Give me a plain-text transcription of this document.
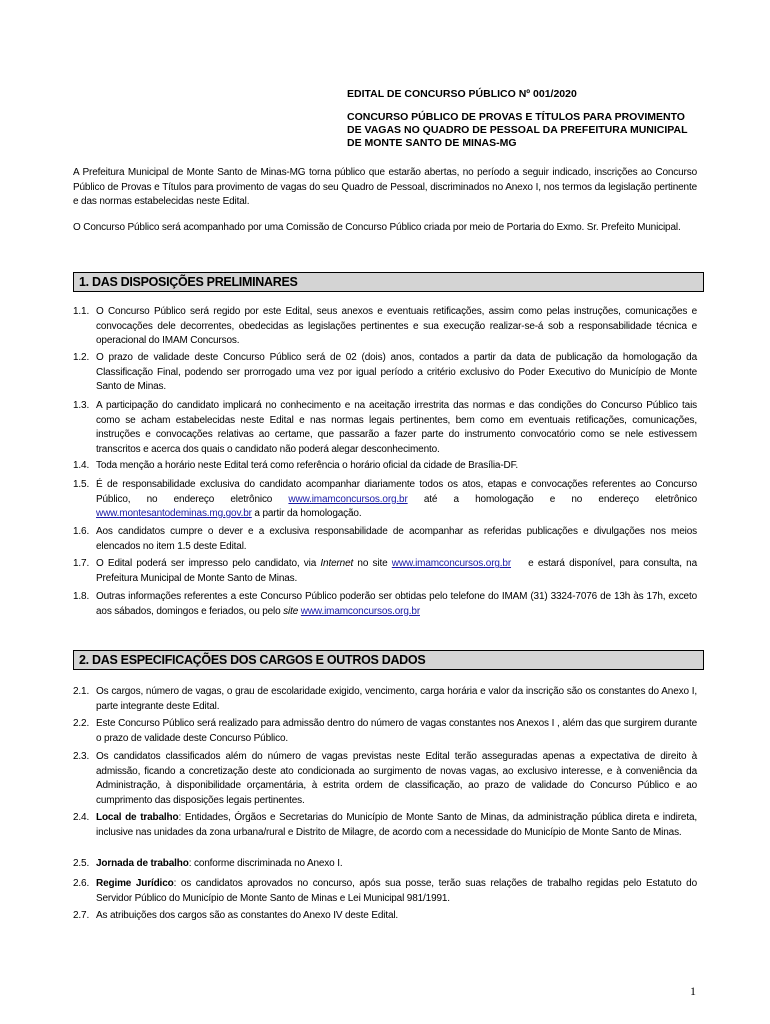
EDITAL DE CONCURSO PÚBLICO Nº 001/2020
CONCURSO PÚBLICO DE PROVAS E TÍTULOS PARA PROVIMENTO
DE VAGAS NO QUADRO DE PESSOAL DA PREFEITURA MUNICIPAL
DE MONTE SANTO DE MINAS-MG
A Prefeitura Municipal de Monte Santo de Minas-MG torna público que estarão abertas, no período a seguir indicado, inscrições ao Concurso Público de Provas e Títulos para provimento de vagas do seu Quadro de Pessoal, discriminados no Anexo I, nos termos da legislação pertinente e das normas estabelecidas neste Edital.
O Concurso Público será acompanhado por uma Comissão de Concurso Público criada por meio de Portaria do Exmo. Sr. Prefeito Municipal.
1. DAS DISPOSIÇÕES PRELIMINARES
1.1. O Concurso Público será regido por este Edital, seus anexos e eventuais retificações, assim como pelas instruções, comunicações e convocações dele decorrentes, obedecidas as legislações pertinentes e sua execução realizar-se-á sob a responsabilidade técnica e operacional do IMAM Concursos.
1.2. O prazo de validade deste Concurso Público será de 02 (dois) anos, contados a partir da data de publicação da homologação da Classificação Final, podendo ser prorrogado uma vez por igual período a critério exclusivo do Poder Executivo do Município de Monte Santo de Minas.
1.3. A participação do candidato implicará no conhecimento e na aceitação irrestrita das normas e das condições do Concurso Público tais como se acham estabelecidas neste Edital e nas normas legais pertinentes, bem como em eventuais retificações, comunicações, instruções e convocações relativas ao certame, que passarão a fazer parte do instrumento convocatório como se nele estivessem transcritos e acerca dos quais o candidato não poderá alegar desconhecimento.
1.4. Toda menção a horário neste Edital terá como referência o horário oficial da cidade de Brasília-DF.
1.5. É de responsabilidade exclusiva do candidato acompanhar diariamente todos os atos, etapas e convocações referentes ao Concurso Público, no endereço eletrônico www.imamconcursos.org.br até a homologação e no endereço eletrônico www.montesantodeminas.mg.gov.br a partir da homologação.
1.6. Aos candidatos cumpre o dever e a exclusiva responsabilidade de acompanhar as referidas publicações e divulgações nos meios elencados no item 1.5 deste Edital.
1.7. O Edital poderá ser impresso pelo candidato, via Internet no site www.imamconcursos.org.br    e estará disponível, para consulta, na Prefeitura Municipal de Monte Santo de Minas.
1.8. Outras informações referentes a este Concurso Público poderão ser obtidas pelo telefone do IMAM (31) 3324-7076 de 13h às 17h, exceto aos sábados, domingos e feriados, ou pelo site www.imamconcursos.org.br
2. DAS ESPECIFICAÇÕES DOS CARGOS E OUTROS DADOS
2.1. Os cargos, número de vagas, o grau de escolaridade exigido, vencimento, carga horária e valor da inscrição são os constantes do Anexo I, parte integrante deste Edital.
2.2. Este Concurso Público será realizado para admissão dentro do número de vagas constantes nos Anexos I , além das que surgirem durante o prazo de validade deste Concurso Público.
2.3. Os candidatos classificados além do número de vagas previstas neste Edital terão asseguradas apenas a expectativa de direito à admissão, ficando a concretização deste ato condicionada ao surgimento de novas vagas, ao exclusivo interesse, e à conveniência da Administração, à disponibilidade orçamentária, à estrita ordem de classificação, ao prazo de validade do Concurso Público e ao cumprimento das disposições legais pertinentes.
2.4. Local de trabalho: Entidades, Órgãos e Secretarias do Município de Monte Santo de Minas, da administração pública direta e indireta, inclusive nas unidades da zona urbana/rural e Distrito de Milagre, de acordo com a necessidade do Município de Monte Santo de Minas.
2.5. Jornada de trabalho: conforme discriminada no Anexo I.
2.6. Regime Jurídico: os candidatos aprovados no concurso, após sua posse, terão suas relações de trabalho regidas pelo Estatuto do Servidor Público do Município de Monte Santo de Minas e Lei Municipal 981/1991.
2.7. As atribuições dos cargos são as constantes do Anexo IV deste Edital.
1
